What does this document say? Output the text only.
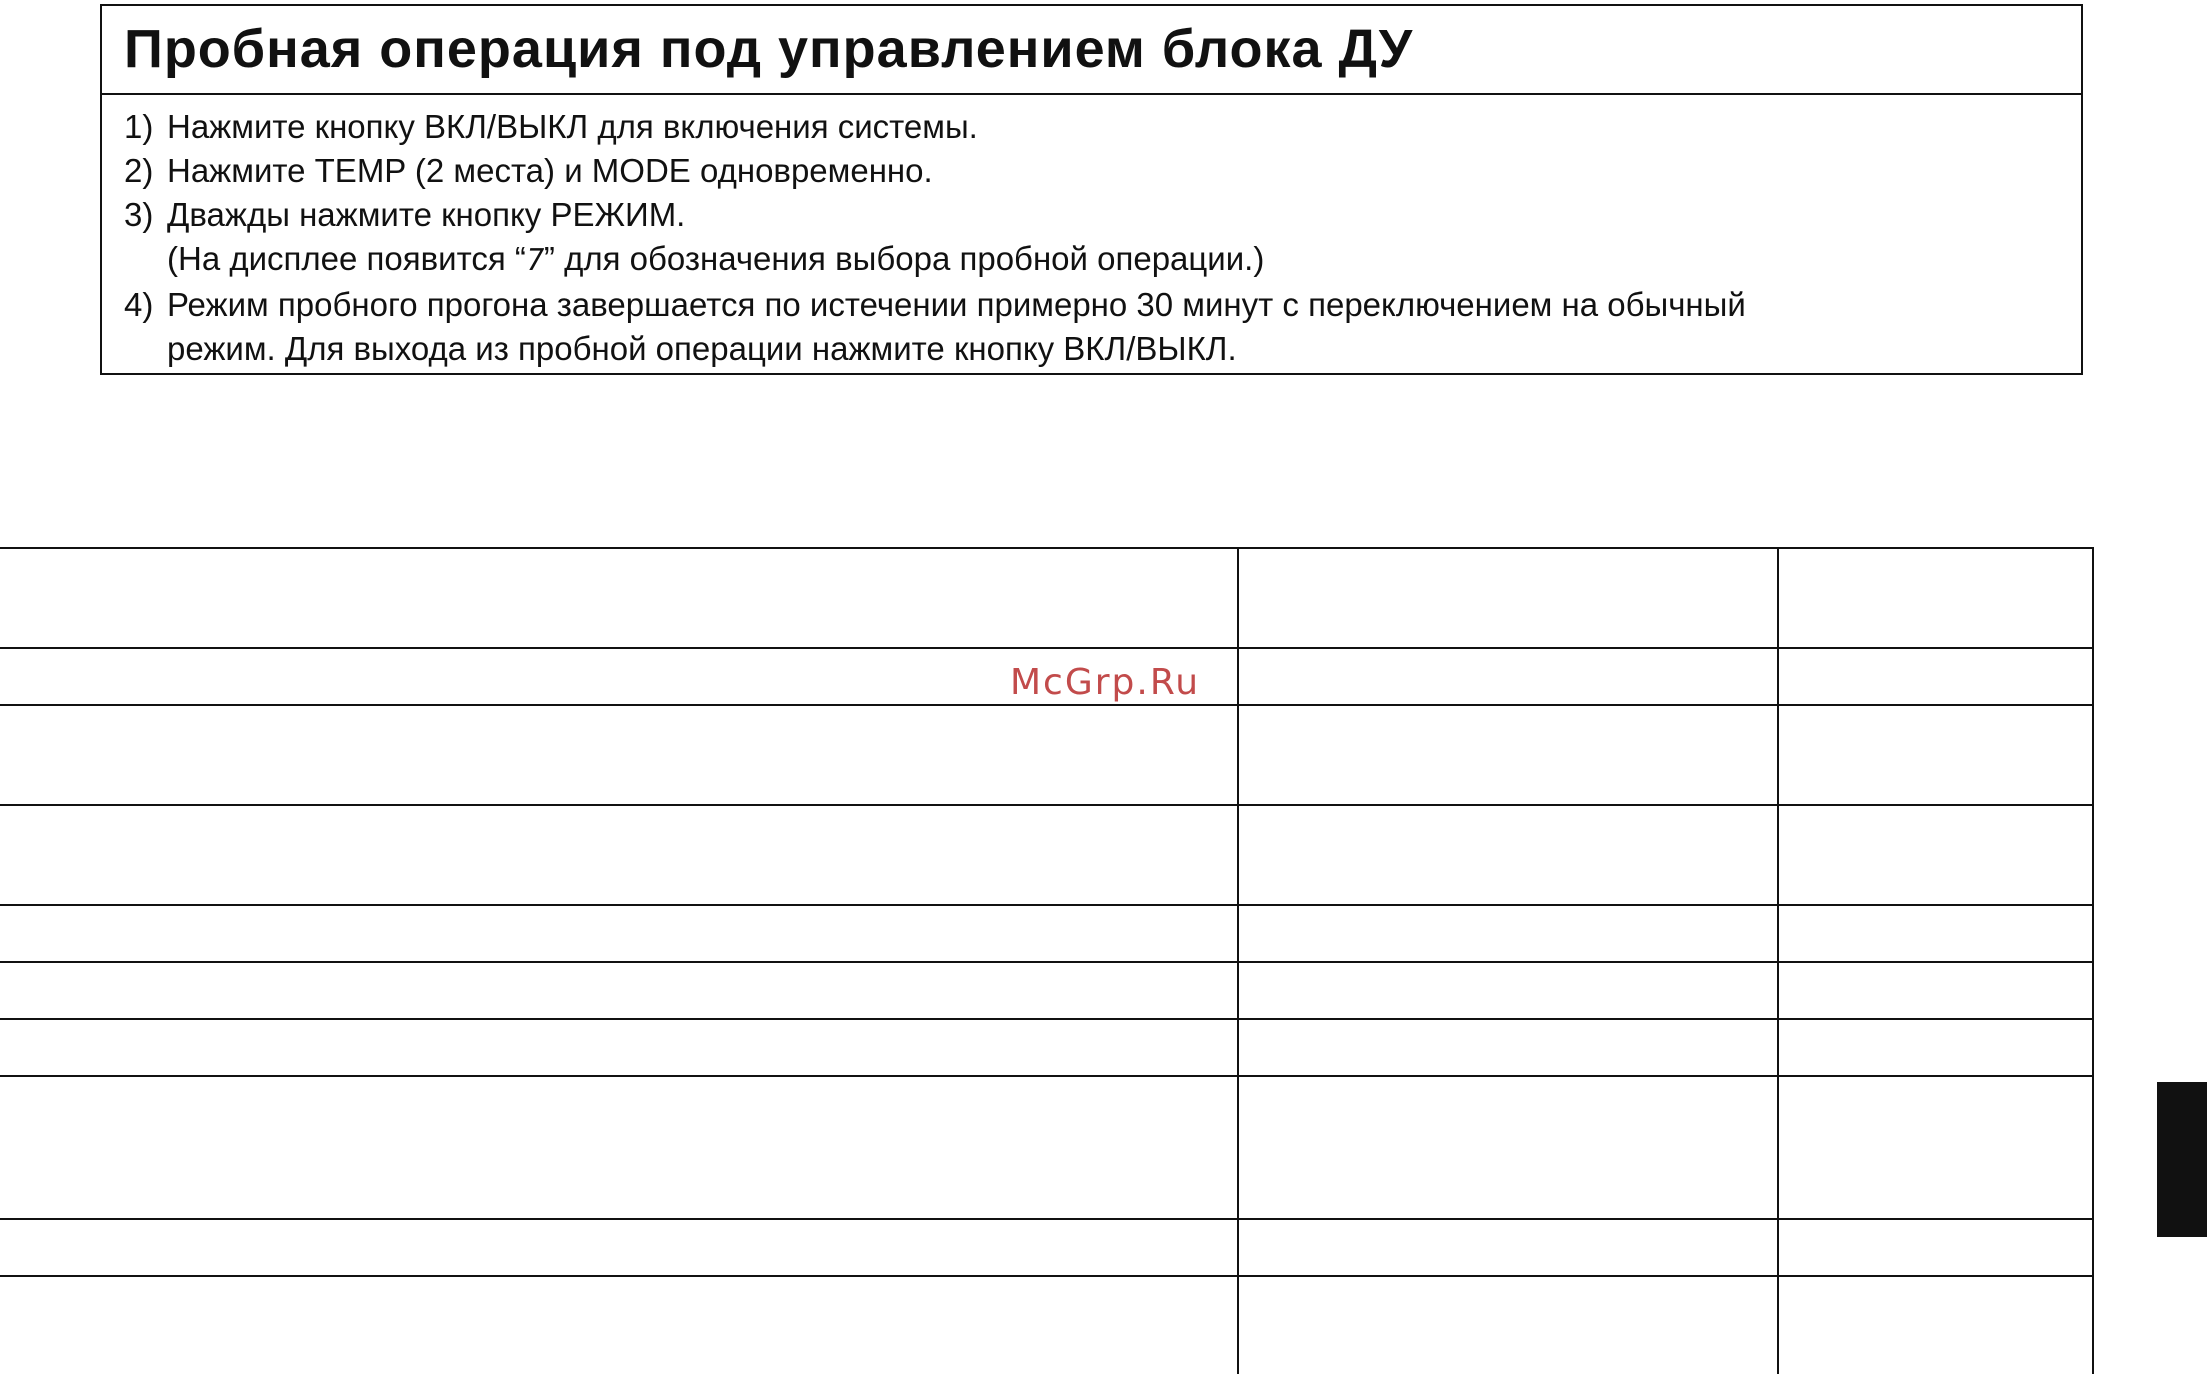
Пробная операция под управлением блока ДУ
1) Нажмите кнопку ВКЛ/ВЫКЛ для включения системы.
2) Нажмите TEMP (2 места) и MODE одновременно.
3) Дважды нажмите кнопку РЕЖИМ.
(На дисплее появится “7” для обозначения выбора пробной операции.)
4) Режим пробного прогона завершается по истечении примерно 30 минут с переключением на обычный
режим. Для выхода из пробной операции нажмите кнопку ВКЛ/ВЫКЛ.

McGrp.Ru
